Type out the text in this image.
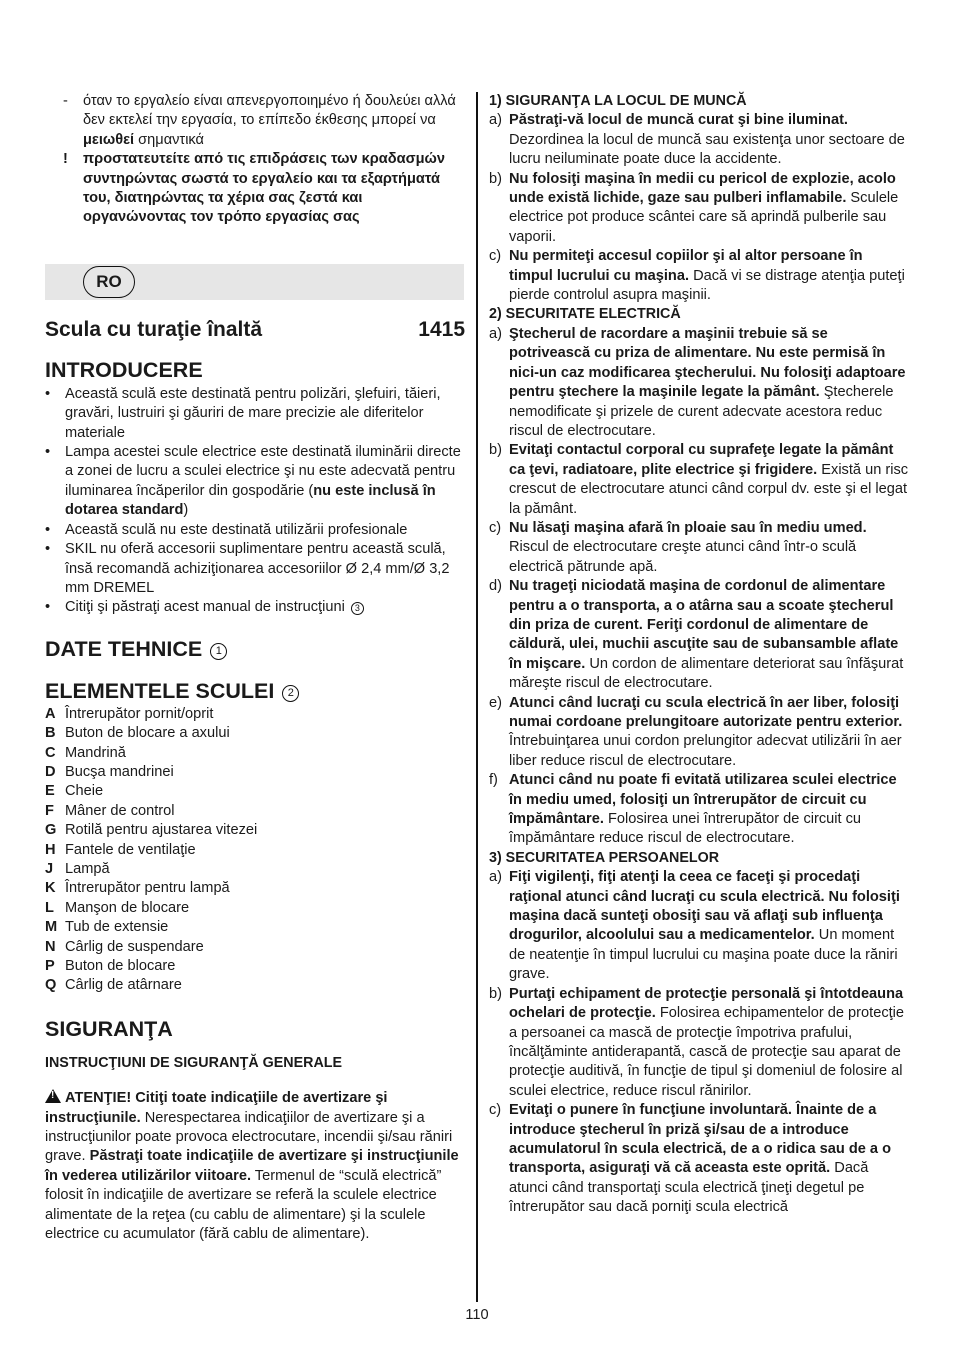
- όταν το εργαλείο είναι απενεργοποιημένο ή δουλεύει αλλά δεν εκτελεί την εργασία, το επίπεδο έκθεσης μπορεί να μειωθεί σημαντικά
! προστατευτείτε από τις επιδράσεις των κραδασμών συντηρώντας σωστά το εργαλείο και τα εξαρτήματά του, διατηρώντας τα χέρια σας ζεστά και οργανώνοντας τον τρόπο εργασίας σας
RO
Scula cu turaţie înaltă	1415
INTRODUCERE
• Această sculă este destinată pentru polizări, şlefuiri, tăieri, gravări, lustruiri şi găuriri de mare precizie ale diferitelor materiale
• Lampa acestei scule electrice este destinată iluminării directe a zonei de lucru a sculei electrice şi nu este adecvată pentru iluminarea încăperilor din gospodărie (nu este inclusă în dotarea standard)
• Această sculă nu este destinată utilizării profesionale
• SKIL nu oferă accesorii suplimentare pentru această sculă, însă recomandă achiziţionarea accesoriilor Ø 2,4 mm/Ø 3,2 mm DREMEL
• Citiţi şi păstraţi acest manual de instrucţiuni 3
DATE TEHNICE 1
ELEMENTELE SCULEI 2
A Întrerupător pornit/oprit
B Buton de blocare a axului
C Mandrină
D Bucşa mandrinei
E Cheie
F Mâner de control
G Rotilă pentru ajustarea vitezei
H Fantele de ventilaţie
J Lampă
K Întrerupător pentru lampă
L Manşon de blocare
M Tub de extensie
N Cârlig de suspendare
P Buton de blocare
Q Cârlig de atârnare
SIGURANŢA
INSTRUCŢIUNI DE SIGURANŢĂ GENERALE
!ATENŢIE! Citiţi toate indicaţiile de avertizare şi instrucţiunile. Nerespectarea indicaţiilor de avertizare şi a instrucţiunilor poate provoca electrocutare, incendii şi/sau răniri grave. Păstraţi toate indicaţiile de avertizare şi instrucţiunile în vederea utilizărilor viitoare. Termenul de “sculă electrică” folosit în indicaţiile de avertizare se referă la sculele electrice alimentate de la reţea (cu cablu de alimentare) şi la sculele electrice cu acumulator (fără cablu de alimentare).
1) SIGURANŢA LA LOCUL DE MUNCĂ
a) Păstraţi-vă locul de muncă curat şi bine iluminat. Dezordinea la locul de muncă sau existenţa unor sectoare de lucru neiluminate poate duce la accidente.
b) Nu folosiţi maşina în medii cu pericol de explozie, acolo unde există lichide, gaze sau pulberi inflamabile. Sculele electrice pot produce scântei care să aprindă pulberile sau vaporii.
c) Nu permiteţi accesul copiilor şi al altor persoane în timpul lucrului cu maşina. Dacă vi se distrage atenţia puteţi pierde controlul asupra maşinii.
2) SECURITATE ELECTRICĂ
a) Ştecherul de racordare a maşinii trebuie să se potrivească cu priza de alimentare. Nu este permisă în nici-un caz modificarea ştecherului. Nu folosiţi adaptoare pentru ştechere la maşinile legate la pământ. Ştecherele nemodificate şi prizele de curent adecvate acestora reduc riscul de electrocutare.
b) Evitaţi contactul corporal cu suprafeţe legate la pământ ca ţevi, radiatoare, plite electrice şi frigidere. Există un risc crescut de electrocutare atunci când corpul dv. este şi el legat la pământ.
c) Nu lăsaţi maşina afară în ploaie sau în mediu umed. Riscul de electrocutare creşte atunci când într-o sculă electrică pătrunde apă.
d) Nu trageţi niciodată maşina de cordonul de alimentare pentru a o transporta, a o atârna sau a scoate ştecherul din priza de curent. Feriţi cordonul de alimentare de căldură, ulei, muchii ascuţite sau de subansamble aflate în mişcare. Un cordon de alimentare deteriorat sau înfăşurat măreşte riscul de electrocutare.
e) Atunci când lucraţi cu scula electrică în aer liber, folosiţi numai cordoane prelungitoare autorizate pentru exterior. Întrebuinţarea unui cordon prelungitor adecvat utilizării în aer liber reduce riscul de electrocutare.
f) Atunci când nu poate fi evitată utilizarea sculei electrice în mediu umed, folosiţi un întrerupător de circuit cu împământare. Folosirea unei întrerupător de circuit cu împământare reduce riscul de electrocutare.
3) SECURITATEA PERSOANELOR
a) Fiţi vigilenţi, fiţi atenţi la ceea ce faceţi şi procedaţi raţional atunci când lucraţi cu scula electrică. Nu folosiţi maşina dacă sunteţi obosiţi sau vă aflaţi sub influenţa drogurilor, alcoolului sau a medicamentelor. Un moment de neatenţie în timpul lucrului cu maşina poate duce la răniri grave.
b) Purtaţi echipament de protecţie personală şi întotdeauna ochelari de protecţie. Folosirea echipamentelor de protecţie a persoanei ca mască de protecţie împotriva prafului, încălţăminte antiderapantă, cască de protecţie sau aparat de protecţie auditivă, în funcţie de tipul şi domeniul de folosire al sculei electrice, reduce riscul rănirilor.
c) Evitaţi o punere în funcţiune involuntară. Înainte de a introduce ştecherul în priză şi/sau de a introduce acumulatorul în scula electrică, de a o ridica sau de a o transporta, asiguraţi vă că aceasta este oprită. Dacă atunci când transportaţi scula electrică ţineţi degetul pe întrerupător sau dacă porniţi scula electrică
110
